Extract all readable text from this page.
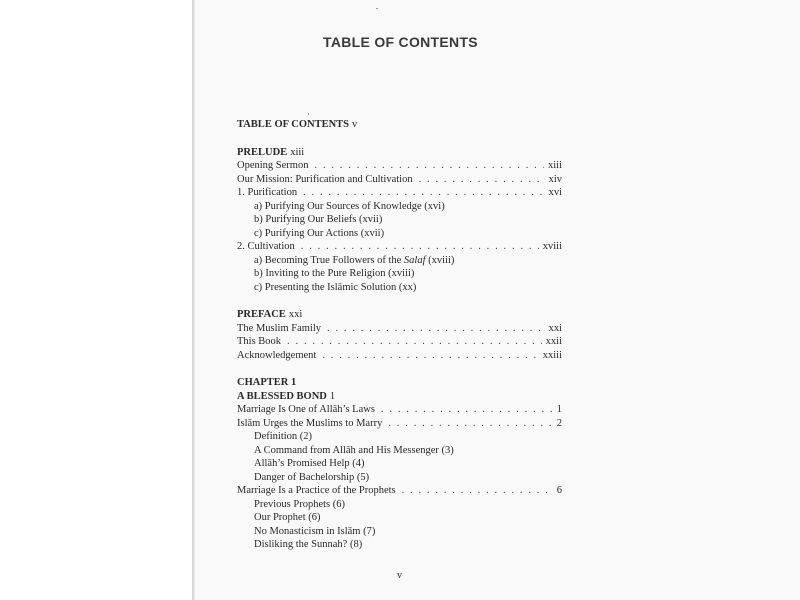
TABLE OF CONTENTS
TABLE OF CONTENTS v
PRELUDE xiii
Opening Sermon . . .	xiii
Our Mission: Purification and Cultivation . . .	xiv
1. Purification . . .	xvi
a) Purifying Our Sources of Knowledge (xvi)
b) Purifying Our Beliefs (xvii)
c) Purifying Our Actions (xvii)
2. Cultivation . . .	xviii
a) Becoming True Followers of the Salaf (xviii)
b) Inviting to the Pure Religion (xviii)
c) Presenting the Islāmic Solution (xx)
PREFACE xxi
The Muslim Family . . .	xxi
This Book . . .	xxii
Acknowledgement . . .	xxiii
CHAPTER 1
A BLESSED BOND 1
Marriage Is One of Allāh’s Laws . . .	1
Islām Urges the Muslims to Marry . . .	2
Definition (2)
A Command from Allāh and His Messenger (3)
Allāh’s Promised Help (4)
Danger of Bachelorship (5)
Marriage Is a Practice of the Prophets . . .	6
Previous Prophets (6)
Our Prophet (6)
No Monasticism in Islām (7)
Disliking the Sunnah? (8)
v
